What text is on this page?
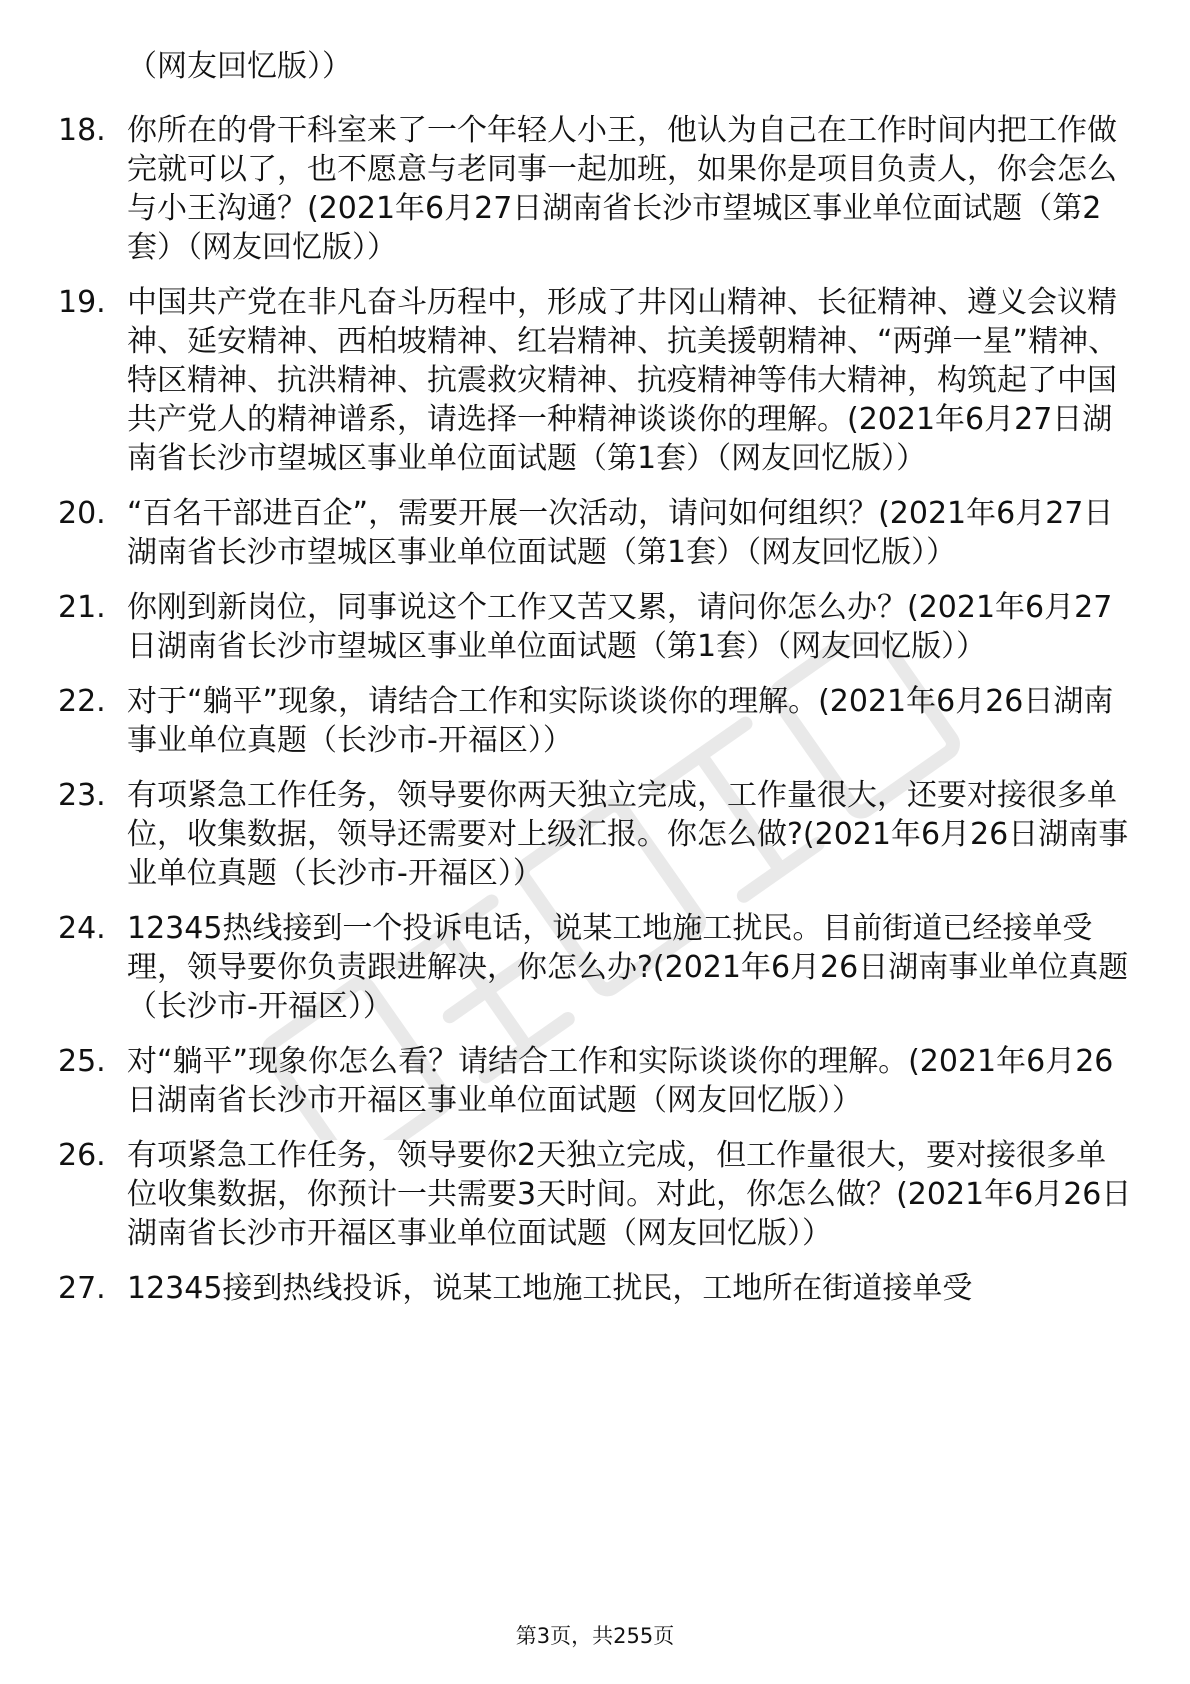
（网友回忆版））
18. 你所在的骨干科室来了一个年轻人小王，他认为自己在工作时间内把工作做完就可以了，也不愿意与老同事一起加班，如果你是项目负责人，你会怎么与小王沟通？(2021年6月27日湖南省长沙市望城区事业单位面试题（第2套）（网友回忆版））
19. 中国共产党在非凡奋斗历程中，形成了井冈山精神、长征精神、遵义会议精神、延安精神、西柏坡精神、红岩精神、抗美援朝精神、“两弹一星”精神、特区精神、抗洪精神、抗震救灾精神、抗疫精神等伟大精神，构筑起了中国共产党人的精神谱系，请选择一种精神谈谈你的理解。(2021年6月27日湖南省长沙市望城区事业单位面试题（第1套）（网友回忆版））
20. “百名干部进百企”，需要开展一次活动，请问如何组织？(2021年6月27日湖南省长沙市望城区事业单位面试题（第1套）（网友回忆版））
21. 你刚到新岗位，同事说这个工作又苦又累，请问你怎么办？(2021年6月27日湖南省长沙市望城区事业单位面试题（第1套）（网友回忆版））
22. 对于“躺平”现象，请结合工作和实际谈谈你的理解。(2021年6月26日湖南事业单位真题（长沙市-开福区））
23. 有项紧急工作任务，领导要你两天独立完成，工作量很大，还要对接很多单位，收集数据，领导还需要对上级汇报。你怎么做?(2021年6月26日湖南事业单位真题（长沙市-开福区））
24. 12345热线接到一个投诉电话，说某工地施工扰民。目前街道已经接单受理，领导要你负责跟进解决，你怎么办?(2021年6月26日湖南事业单位真题（长沙市-开福区））
25. 对“躺平”现象你怎么看？请结合工作和实际谈谈你的理解。(2021年6月26日湖南省长沙市开福区事业单位面试题（网友回忆版））
26. 有项紧急工作任务，领导要你2天独立完成，但工作量很大，要对接很多单位收集数据，你预计一共需要3天时间。对此，你怎么做？(2021年6月26日湖南省长沙市开福区事业单位面试题（网友回忆版））
27. 12345接到热线投诉，说某工地施工扰民，工地所在街道接单受
第3页，共255页
